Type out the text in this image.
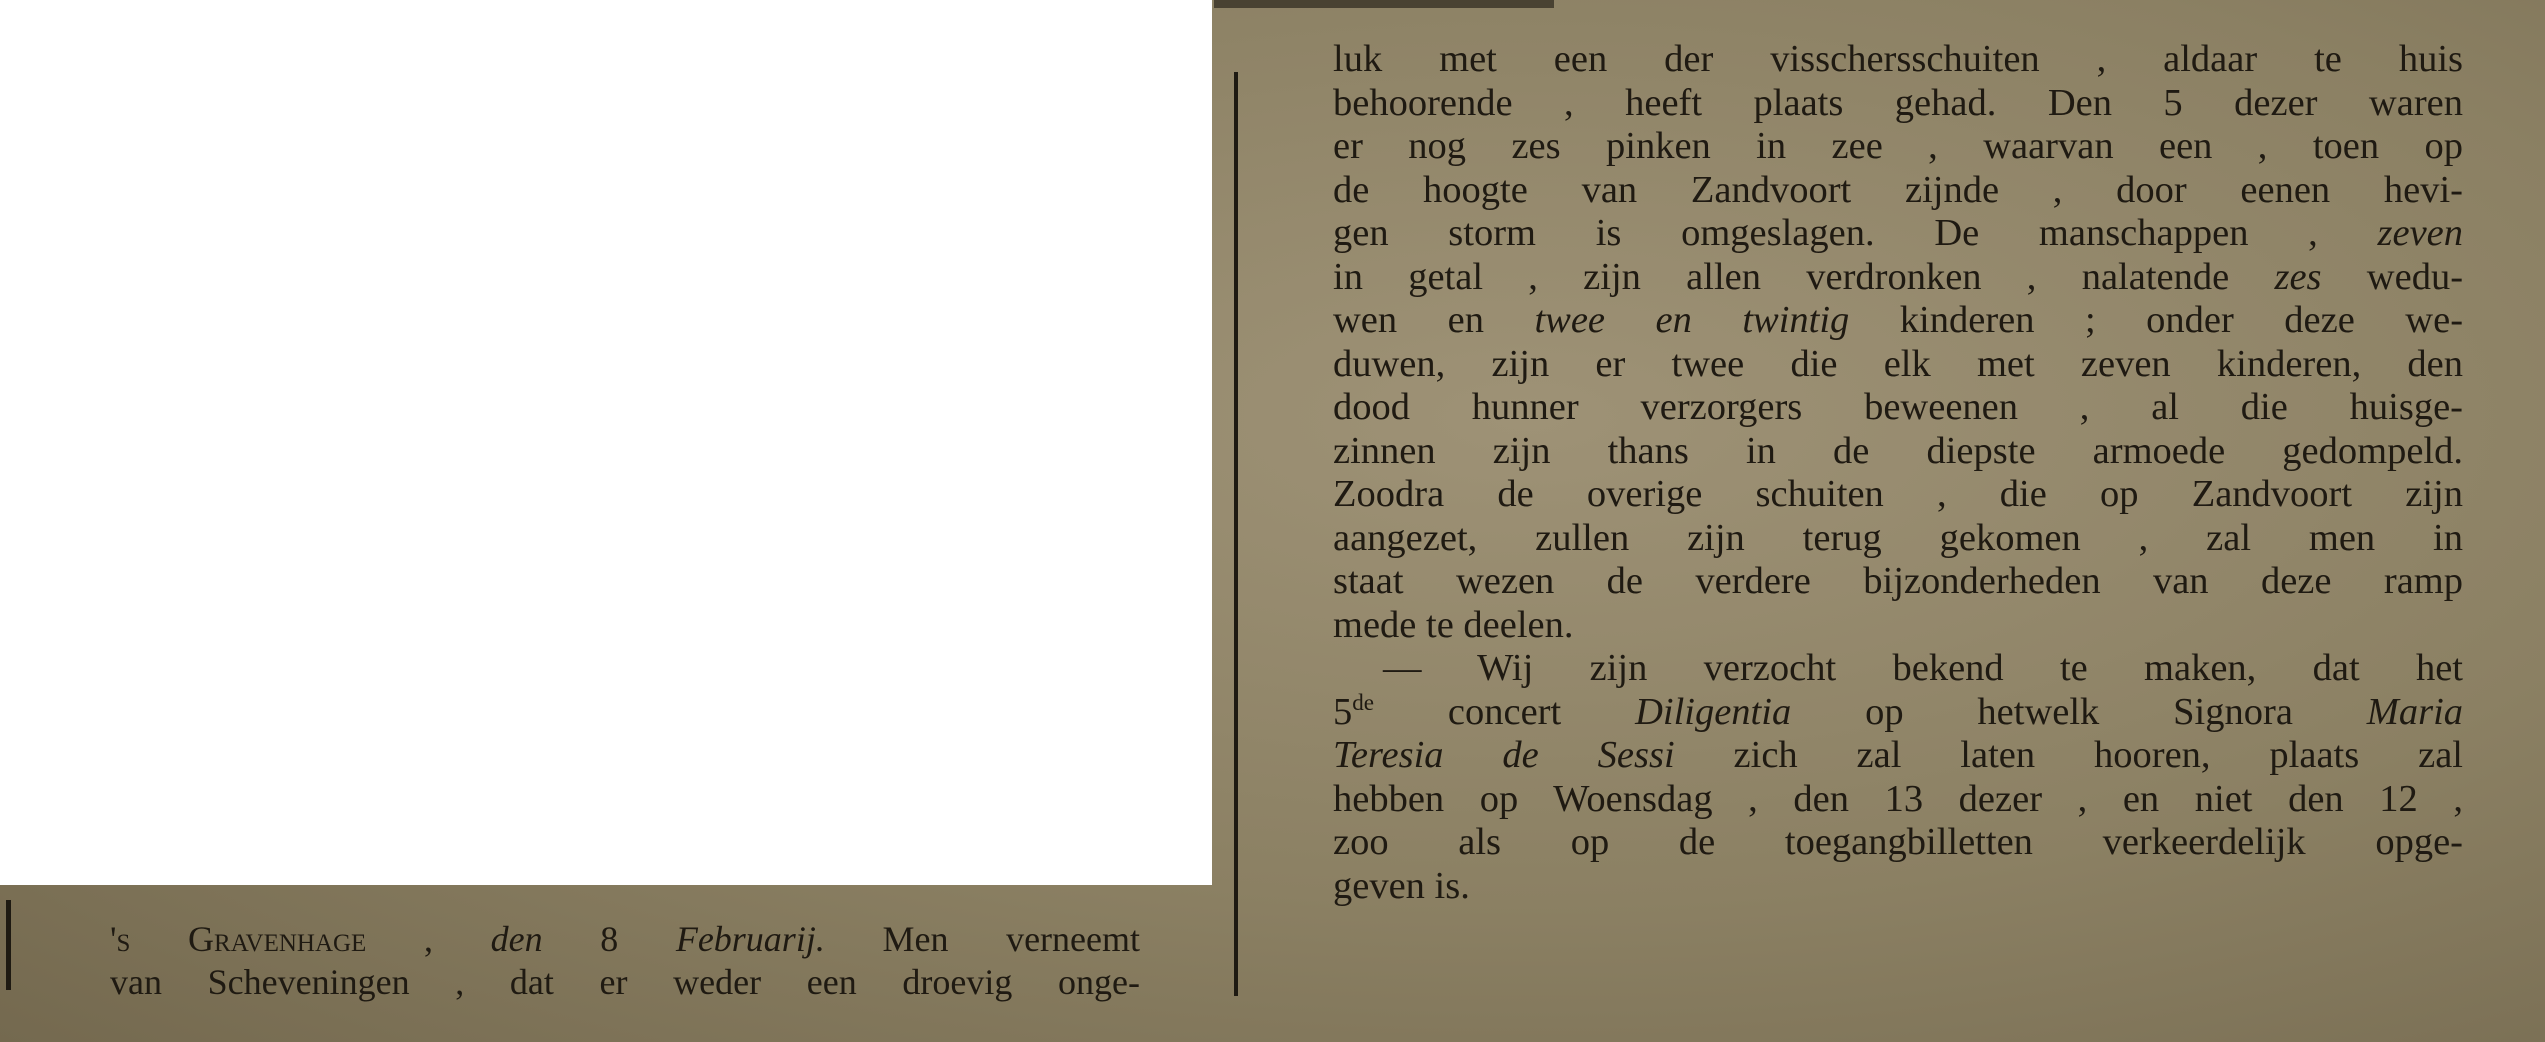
luk met een der visschersschuiten , aldaar te huis
behoorende , heeft plaats gehad. Den 5 dezer waren
er nog zes pinken in zee , waarvan een , toen op
de hoogte van Zandvoort zijnde , door eenen hevi-
gen storm is omgeslagen. De manschappen , zeven
in getal , zijn allen verdronken , nalatende zes wedu-
wen en twee en twintig kinderen ; onder deze we-
duwen, zijn er twee die elk met zeven kinderen, den
dood hunner verzorgers beweenen , al die huisge-
zinnen zijn thans in de diepste armoede gedompeld.
Zoodra de overige schuiten , die op Zandvoort zijn
aangezet, zullen zijn terug gekomen , zal men in
staat wezen de verdere bijzonderheden van deze ramp
mede te deelen.
— Wij zijn verzocht bekend te maken, dat het
5de concert Diligentia op hetwelk Signora Maria
Teresia de Sessi zich zal laten hooren, plaats zal
hebben op Woensdag , den 13 dezer , en niet den 12 ,
zoo als op de toegangbilletten verkeerdelijk opge-
geven is.
's Gravenhage , den 8 Februarij. Men verneemt
van Scheveningen , dat er weder een droevig onge-
